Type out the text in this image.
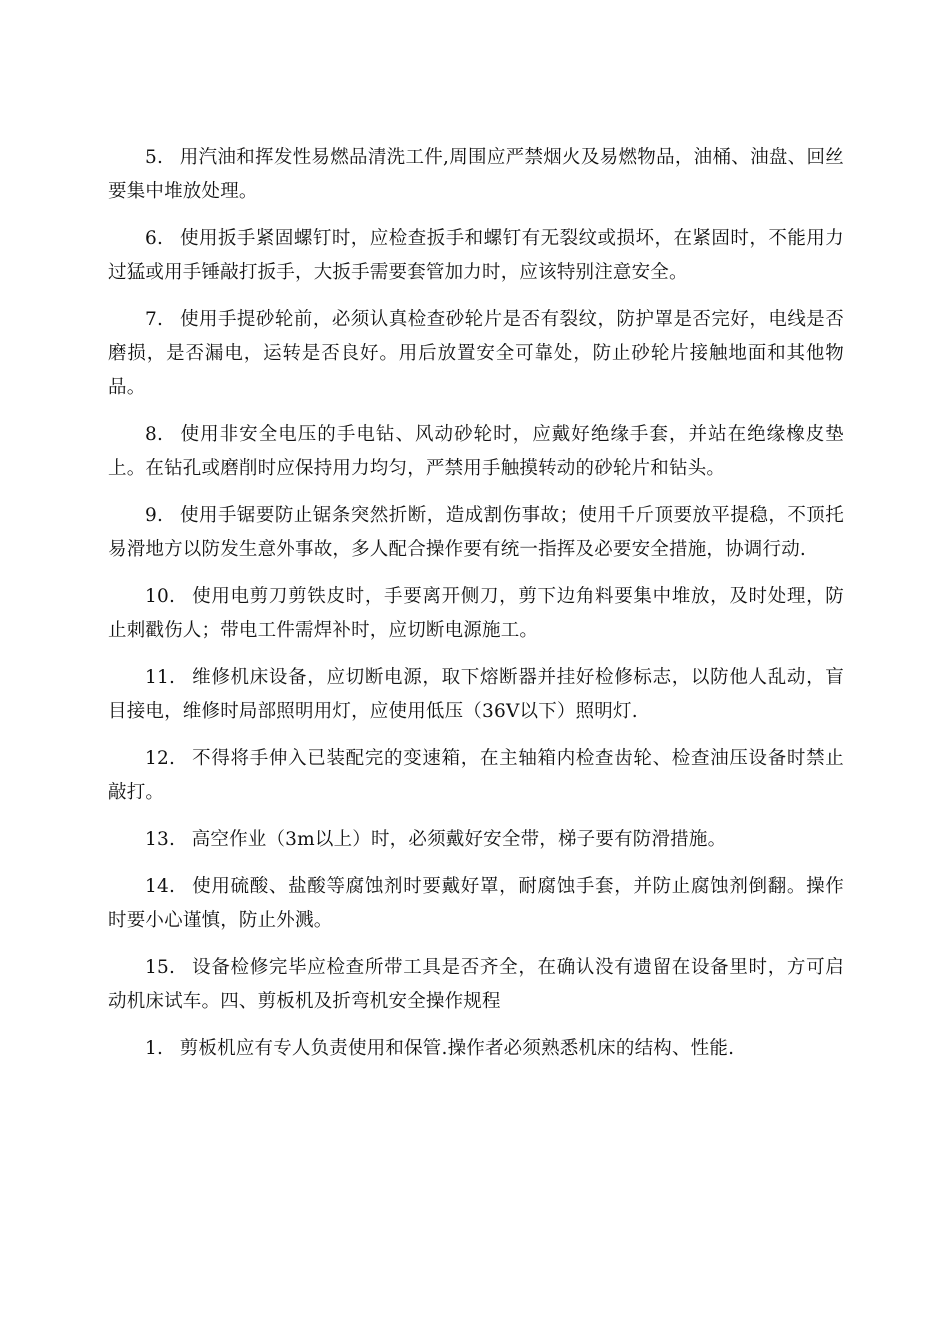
5. 用汽油和挥发性易燃品清洗工件,周围应严禁烟火及易燃物品，油桶、油盘、回丝要集中堆放处理。

6. 使用扳手紧固螺钉时，应检查扳手和螺钉有无裂纹或损坏，在紧固时，不能用力过猛或用手锤敲打扳手，大扳手需要套管加力时，应该特别注意安全。

7. 使用手提砂轮前，必须认真检查砂轮片是否有裂纹，防护罩是否完好，电线是否磨损，是否漏电，运转是否良好。用后放置安全可靠处，防止砂轮片接触地面和其他物品。

8. 使用非安全电压的手电钻、风动砂轮时，应戴好绝缘手套，并站在绝缘橡皮垫上。在钻孔或磨削时应保持用力均匀，严禁用手触摸转动的砂轮片和钻头。

9. 使用手锯要防止锯条突然折断，造成割伤事故；使用千斤顶要放平提稳，不顶托易滑地方以防发生意外事故，多人配合操作要有统一指挥及必要安全措施，协调行动.

10. 使用电剪刀剪铁皮时，手要离开侧刀，剪下边角料要集中堆放，及时处理，防止刺戳伤人；带电工件需焊补时，应切断电源施工。

11. 维修机床设备，应切断电源，取下熔断器并挂好检修标志，以防他人乱动，盲目接电，维修时局部照明用灯，应使用低压（36V以下）照明灯.

12. 不得将手伸入已装配完的变速箱，在主轴箱内检查齿轮、检查油压设备时禁止敲打。

13. 高空作业（3m以上）时，必须戴好安全带，梯子要有防滑措施。

14. 使用硫酸、盐酸等腐蚀剂时要戴好罩，耐腐蚀手套，并防止腐蚀剂倒翻。操作时要小心谨慎，防止外溅。

15. 设备检修完毕应检查所带工具是否齐全，在确认没有遗留在设备里时，方可启动机床试车。四、剪板机及折弯机安全操作规程

1. 剪板机应有专人负责使用和保管.操作者必须熟悉机床的结构、性能.
